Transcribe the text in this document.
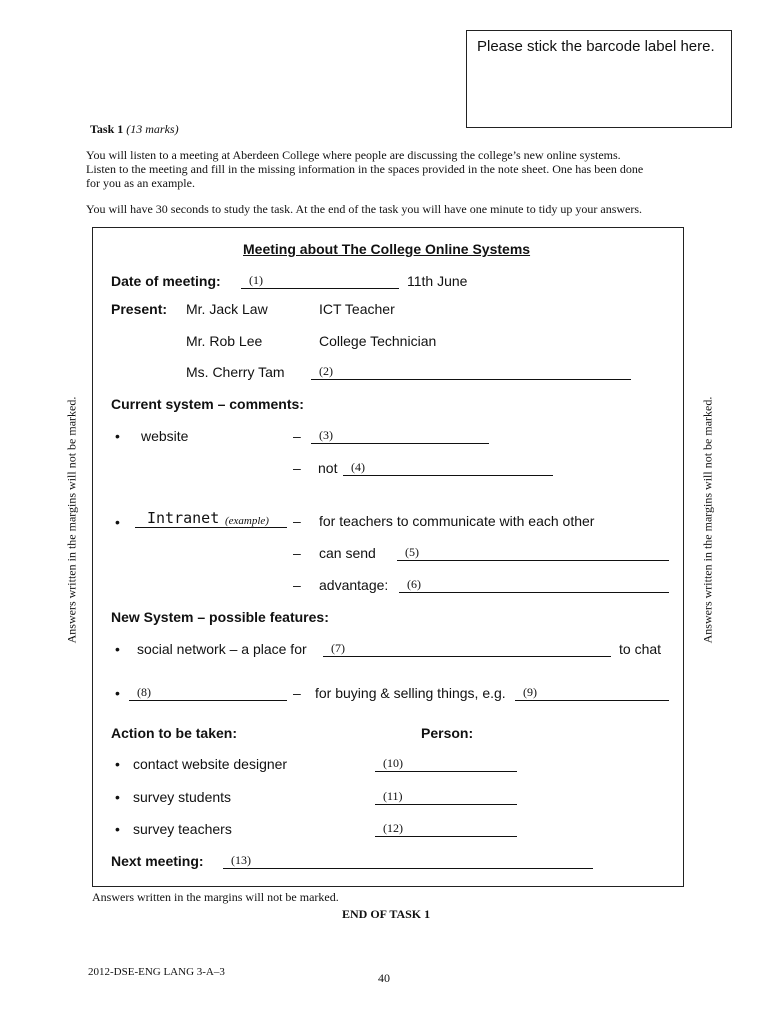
Please stick the barcode label here.
Task 1 (13 marks)
You will listen to a meeting at Aberdeen College where people are discussing the college’s new online systems.
Listen to the meeting and fill in the missing information in the spaces provided in the note sheet. One has been done
for you as an example.
You will have 30 seconds to study the task. At the end of the task you will have one minute to tidy up your answers.
Answers written in the margins will not be marked.	Answers written in the margins will not be marked.
Meeting about The College Online Systems
Date of meeting: (1)	11th June
Present: Mr. Jack Law	ICT Teacher
Mr. Rob Lee	College Technician
Ms. Cherry Tam	(2)
Current system – comments:
• website	– (3)
– not (4)
• Intranet (example) – for teachers to communicate with each other
– can send (5)
– advantage: (6)
New System – possible features:
• social network – a place for (7)	to chat
• (8)	– for buying & selling things, e.g. (9)
Action to be taken:	Person:
• contact website designer	(10)
• survey students	(11)
• survey teachers	(12)
Next meeting: (13)
Answers written in the margins will not be marked.
END OF TASK 1
2012-DSE-ENG LANG 3-A–3	40
